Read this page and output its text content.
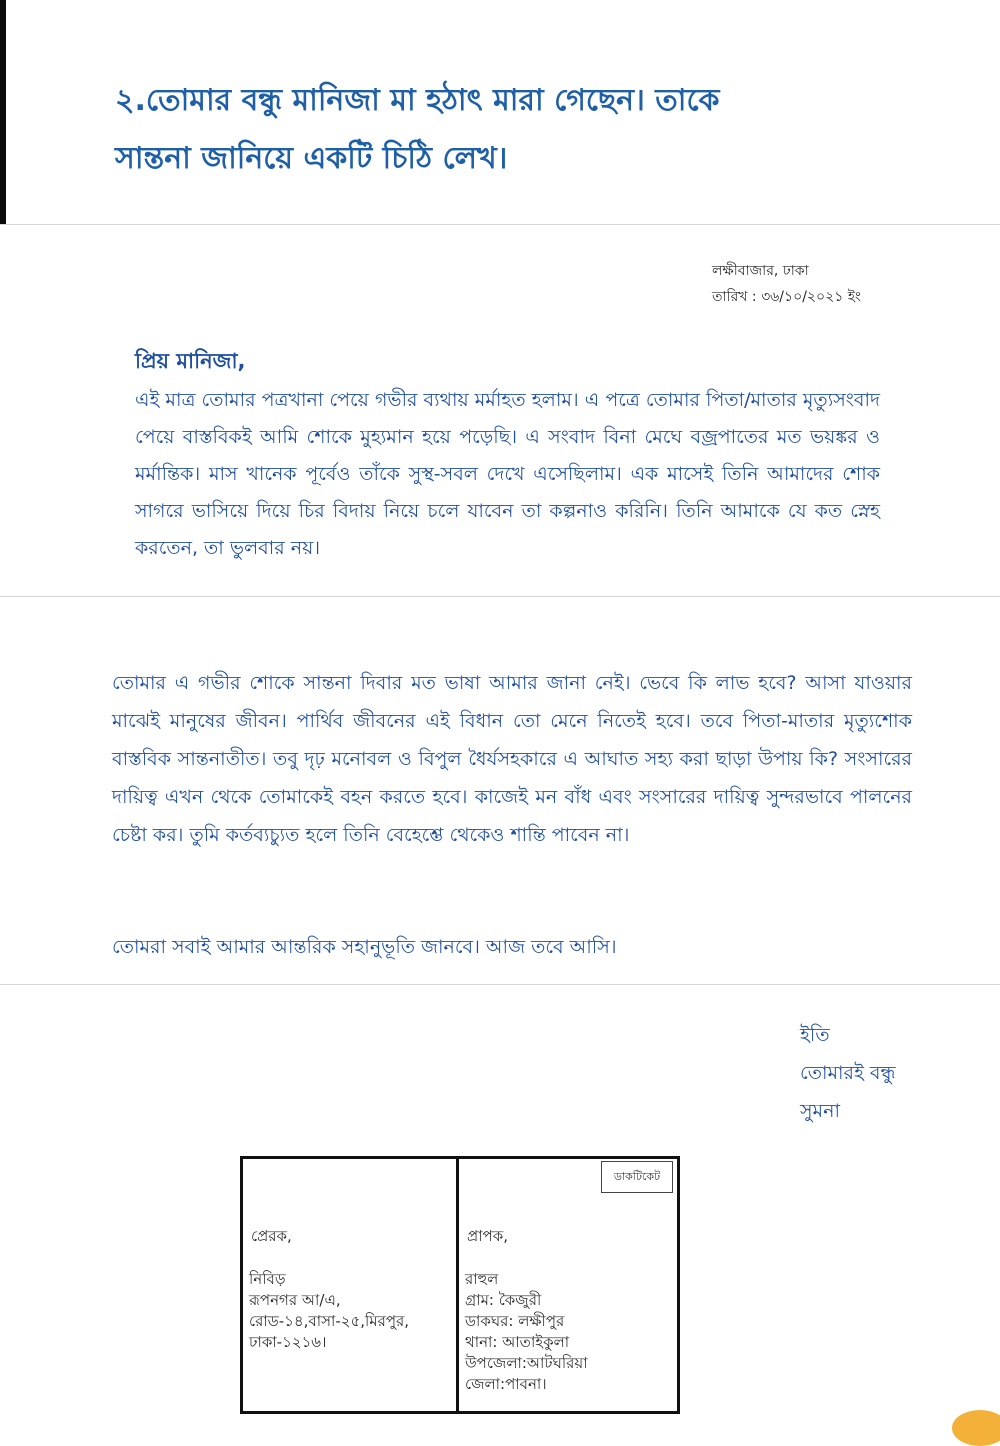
২.তোমার বন্ধু মানিজা মা হঠাৎ মারা গেছেন। তাকে
সান্তনা জানিয়ে একটি চিঠি লেখ।
লক্ষীবাজার, ঢাকা
তারিখ : ৩৬/১০/২০২১ ইং
প্রিয় মানিজা,
এই মাত্র তোমার পত্রখানা পেয়ে গভীর ব্যথায় মর্মাহত হলাম। এ পত্রে তোমার পিতা/মাতার মৃত্যুসংবাদ পেয়ে বাস্তবিকই আমি শোকে মুহ্যমান হয়ে পড়েছি। এ সংবাদ বিনা মেঘে বজ্রপাতের মত ভয়ঙ্কর ও মর্মান্তিক। মাস খানেক পূর্বেও তাঁকে সুস্থ-সবল দেখে এসেছিলাম। এক মাসেই তিনি আমাদের শোক সাগরে ভাসিয়ে দিয়ে চির বিদায় নিয়ে চলে যাবেন তা কল্পনাও করিনি। তিনি আমাকে যে কত স্নেহ করতেন, তা ভুলবার নয়।
তোমার এ গভীর শোকে সান্তনা দিবার মত ভাষা আমার জানা নেই। ভেবে কি লাভ হবে? আসা যাওয়ার মাঝেই মানুষের জীবন। পার্থিব জীবনের এই বিধান তো মেনে নিতেই হবে। তবে পিতা-মাতার মৃত্যুশোক বাস্তবিক সান্তনাতীত। তবু দৃঢ় মনোবল ও বিপুল ধৈর্যসহকারে এ আঘাত সহ্য করা ছাড়া উপায় কি? সংসারের দায়িত্ব এখন থেকে তোমাকেই বহন করতে হবে। কাজেই মন বাঁধ এবং সংসারের দায়িত্ব সুন্দরভাবে পালনের চেষ্টা কর। তুমি কর্তব্যচ্যুত হলে তিনি বেহেশ্তে থেকেও শান্তি পাবেন না।
তোমরা সবাই আমার আন্তরিক সহানুভূতি জানবে। আজ তবে আসি।
ইতি
তোমারই বন্ধু
সুমনা
প্রেরক,
নিবিড়
রূপনগর আ/এ,
রোড-১৪,বাসা-২৫,মিরপুর,
ঢাকা-১২১৬।
ডাকটিকেট
প্রাপক,
রাহুল
গ্রাম: কৈজুরী
ডাকঘর: লক্ষীপুর
থানা: আতাইকুলা
উপজেলা:আটঘরিয়া
জেলা:পাবনা।
